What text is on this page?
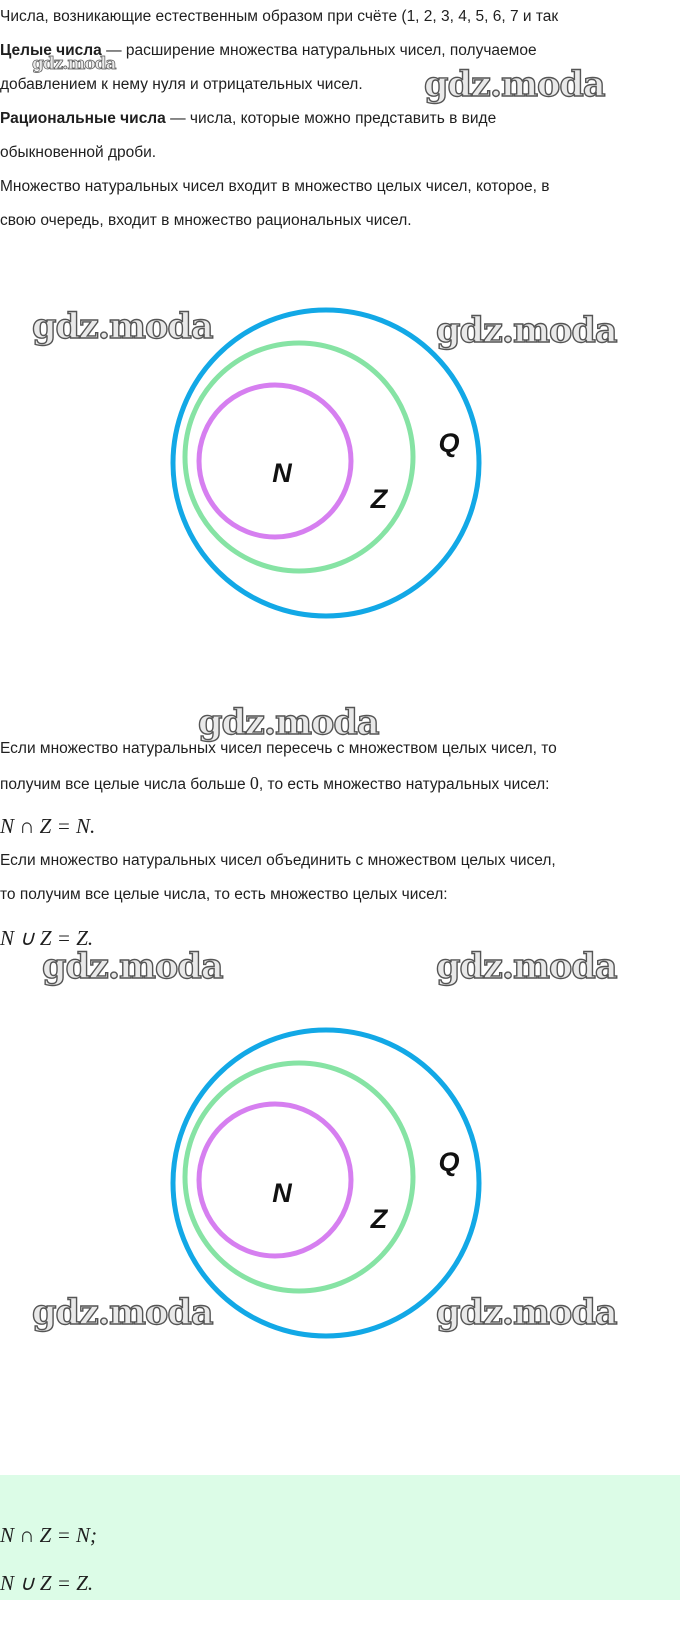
Числа, возникающие естественным образом при счёте (1, 2, 3, 4, 5, 6, 7 и так
Целые числа — расширение множества натуральных чисел, получаемое
добавлением к нему нуля и отрицательных чисел.
Рациональные числа — числа, которые можно представить в виде
обыкновенной дроби.
Множество натуральных чисел входит в множество целых чисел, которое, в
свою очередь, входит в множество рациональных чисел.
gdz.moda	gdz.moda
N
Z
Q
gdz.moda	gdz.moda
gdz.moda
Если множество натуральных чисел пересечь с множеством целых чисел, то
получим все целые числа больше 0, то есть множество натуральных чисел:
N ∩ Z = N.
Если множество натуральных чисел объединить с множеством целых чисел,
то получим все целые числа, то есть множество целых чисел:
N ∪ Z = Z.
gdz.moda	gdz.moda
N
Z
Q
gdz.moda	gdz.moda
N ∩ Z = N;
N ∪ Z = Z.
